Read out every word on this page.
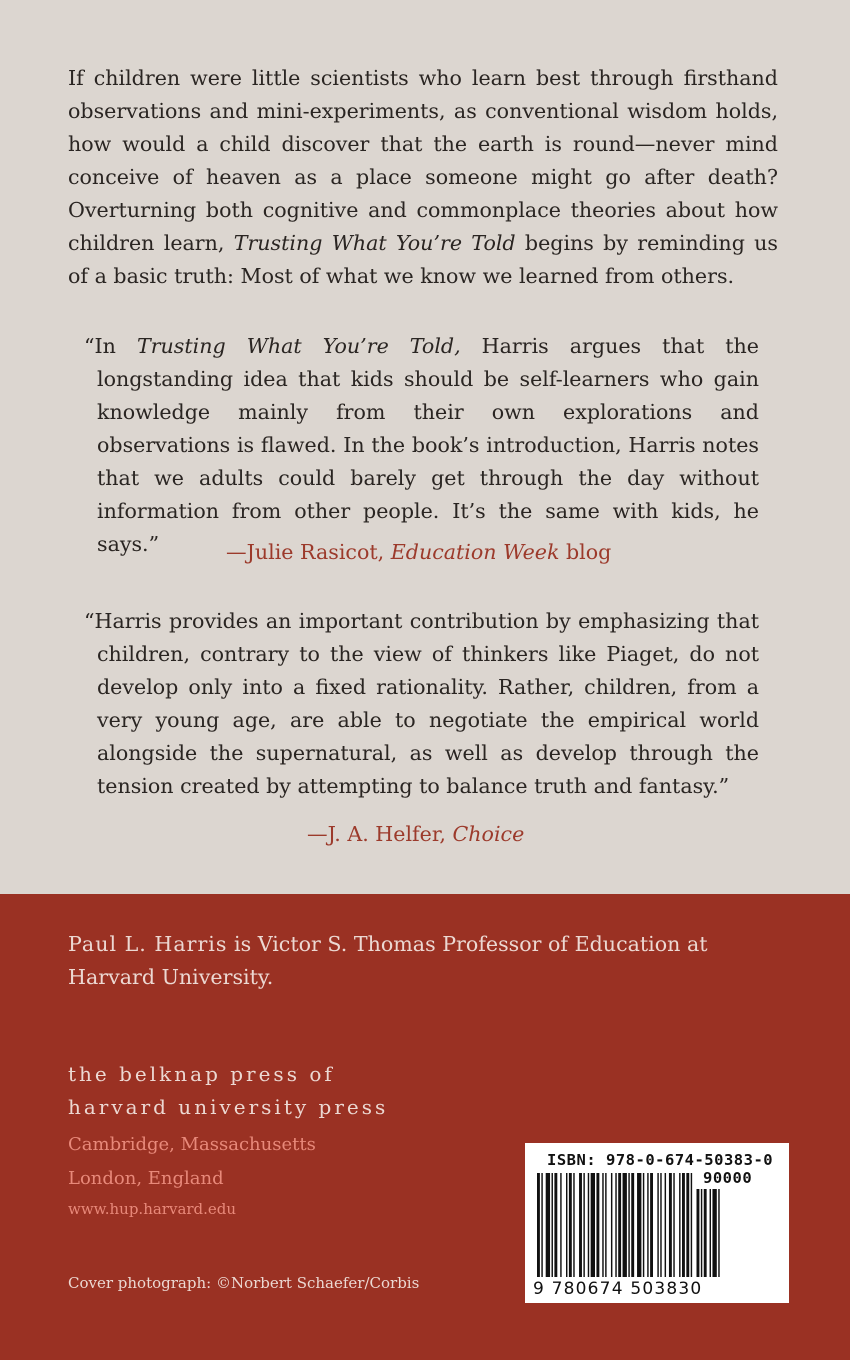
If children were little scientists who learn best through firsthand observations and mini-experiments, as conventional wisdom holds, how would a child discover that the earth is round—never mind conceive of heaven as a place someone might go after death? Overturning both cognitive and commonplace theories about how children learn, Trusting What You’re Told begins by reminding us of a basic truth: Most of what we know we learned from others.

“In Trusting What You’re Told, Harris argues that the longstanding idea that kids should be self-learners who gain knowledge mainly from their own explorations and observations is flawed. In the book’s introduction, Harris notes that we adults could barely get through the day without information from other people. It’s the same with kids, he says.”	—Julie Rasicot, Education Week blog

“Harris provides an important contribution by emphasizing that children, contrary to the view of thinkers like Piaget, do not develop only into a fixed rationality. Rather, children, from a very young age, are able to negotiate the empirical world alongside the supernatural, as well as develop through the tension created by attempting to balance truth and fantasy.”

—J. A. Helfer, Choice

Paul L. Harris is Victor S. Thomas Professor of Education at Harvard University.

the belknap press of
harvard university press
Cambridge, Massachusetts
London, England
www.hup.harvard.edu
Cover photograph: ©Norbert Schaefer/Corbis
ISBN: 978-0-674-50383-0
90000
9 780674 503830
